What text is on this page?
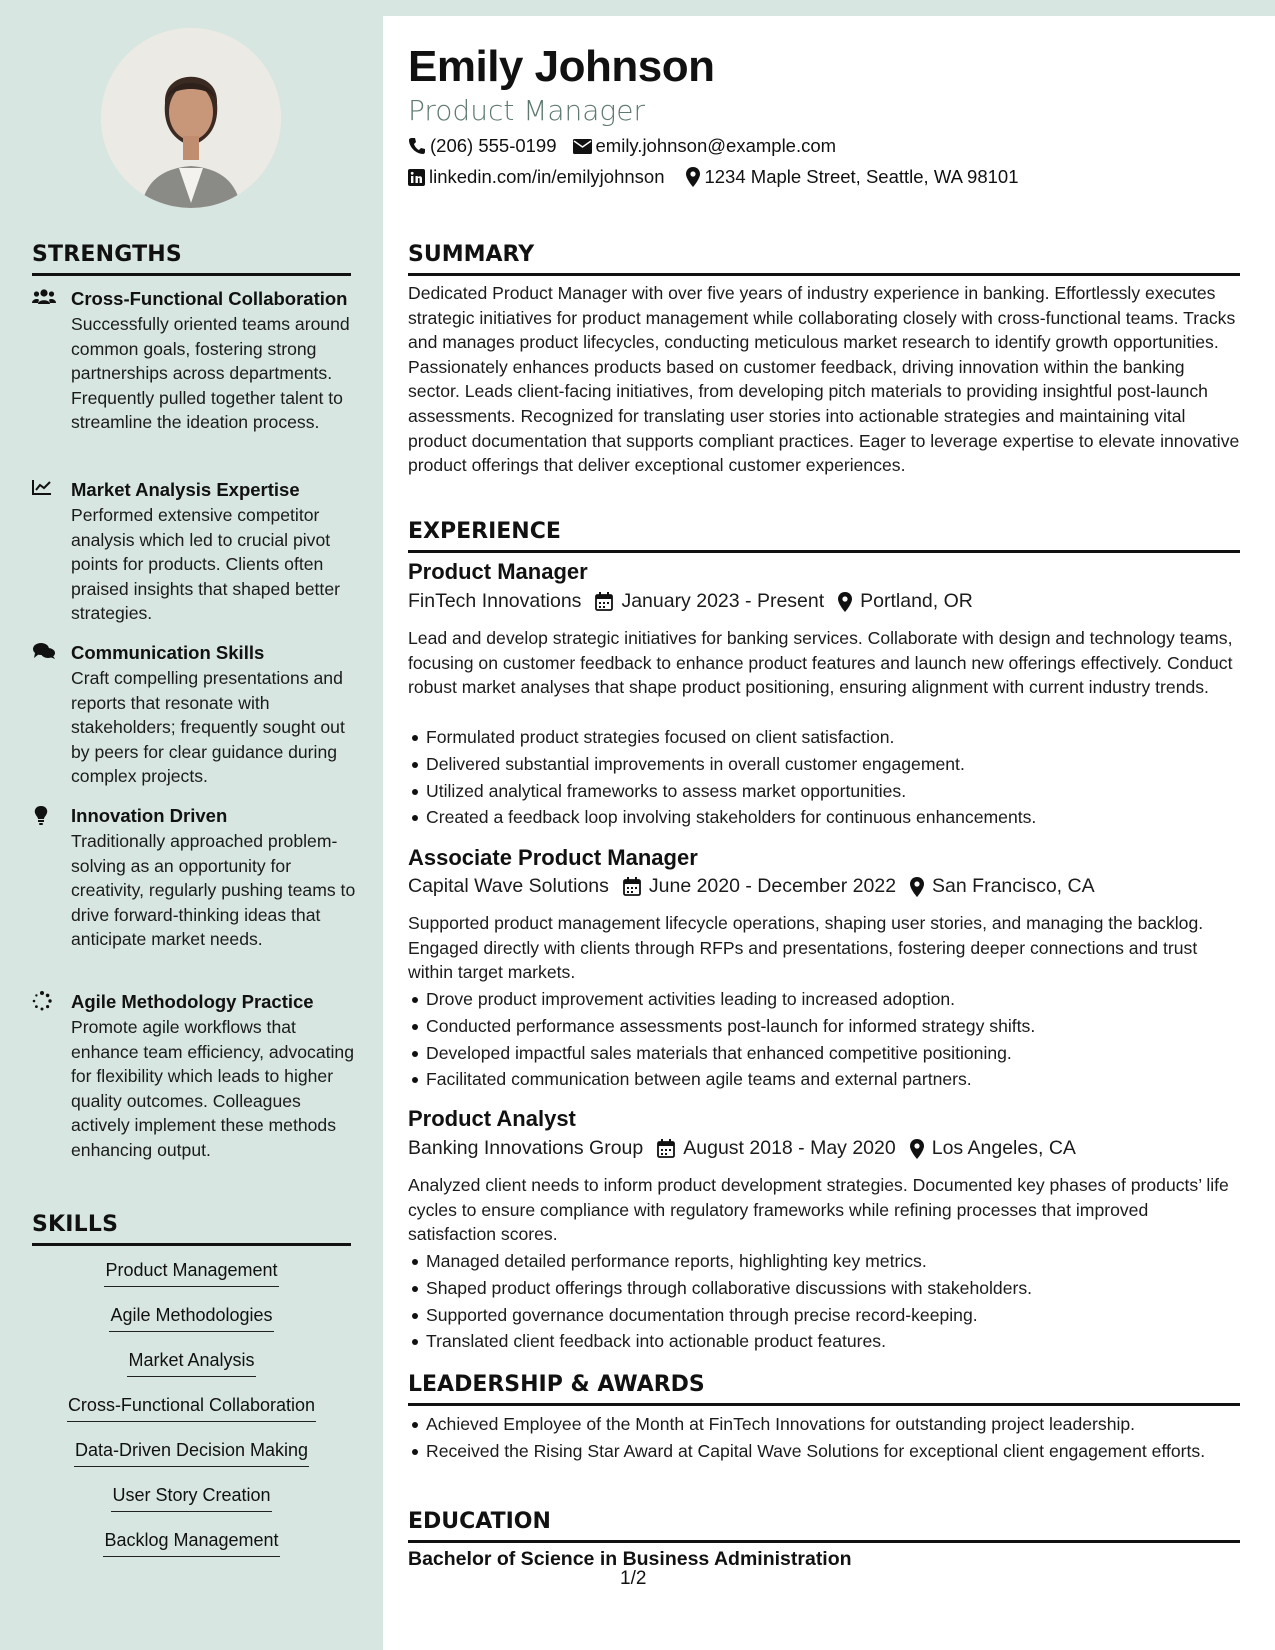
STRENGTHS
Cross-Functional Collaboration
Successfully oriented teams around common goals, fostering strong partnerships across departments. Frequently pulled together talent to streamline the ideation process.
Market Analysis Expertise
Performed extensive competitor analysis which led to crucial pivot points for products. Clients often praised insights that shaped better strategies.
Communication Skills
Craft compelling presentations and reports that resonate with stakeholders; frequently sought out by peers for clear guidance during complex projects.
Innovation Driven
Traditionally approached problem-solving as an opportunity for creativity, regularly pushing teams to drive forward-thinking ideas that anticipate market needs.
Agile Methodology Practice
Promote agile workflows that enhance team efficiency, advocating for flexibility which leads to higher quality outcomes. Colleagues actively implement these methods enhancing output.
SKILLS
Product Management
Agile Methodologies
Market Analysis
Cross-Functional Collaboration
Data-Driven Decision Making
User Story Creation
Backlog Management
Emily Johnson
Product Manager
(206) 555-0199 emily.johnson@example.com
linkedin.com/in/emilyjohnson 1234 Maple Street, Seattle, WA 98101
SUMMARY
Dedicated Product Manager with over five years of industry experience in banking. Effortlessly executes strategic initiatives for product management while collaborating closely with cross-functional teams. Tracks and manages product lifecycles, conducting meticulous market research to identify growth opportunities. Passionately enhances products based on customer feedback, driving innovation within the banking sector. Leads client-facing initiatives, from developing pitch materials to providing insightful post-launch assessments. Recognized for translating user stories into actionable strategies and maintaining vital product documentation that supports compliant practices. Eager to leverage expertise to elevate innovative product offerings that deliver exceptional customer experiences.
EXPERIENCE
Product Manager
FinTech Innovations January 2023 - Present Portland, OR
Lead and develop strategic initiatives for banking services. Collaborate with design and technology teams, focusing on customer feedback to enhance product features and launch new offerings effectively. Conduct robust market analyses that shape product positioning, ensuring alignment with current industry trends.
Formulated product strategies focused on client satisfaction.
Delivered substantial improvements in overall customer engagement.
Utilized analytical frameworks to assess market opportunities.
Created a feedback loop involving stakeholders for continuous enhancements.
Associate Product Manager
Capital Wave Solutions June 2020 - December 2022 San Francisco, CA
Supported product management lifecycle operations, shaping user stories, and managing the backlog. Engaged directly with clients through RFPs and presentations, fostering deeper connections and trust within target markets.
Drove product improvement activities leading to increased adoption.
Conducted performance assessments post-launch for informed strategy shifts.
Developed impactful sales materials that enhanced competitive positioning.
Facilitated communication between agile teams and external partners.
Product Analyst
Banking Innovations Group August 2018 - May 2020 Los Angeles, CA
Analyzed client needs to inform product development strategies. Documented key phases of products’ life cycles to ensure compliance with regulatory frameworks while refining processes that improved satisfaction scores.
Managed detailed performance reports, highlighting key metrics.
Shaped product offerings through collaborative discussions with stakeholders.
Supported governance documentation through precise record-keeping.
Translated client feedback into actionable product features.
LEADERSHIP & AWARDS
Achieved Employee of the Month at FinTech Innovations for outstanding project leadership.
Received the Rising Star Award at Capital Wave Solutions for exceptional client engagement efforts.
EDUCATION
Bachelor of Science in Business Administration
1/2
